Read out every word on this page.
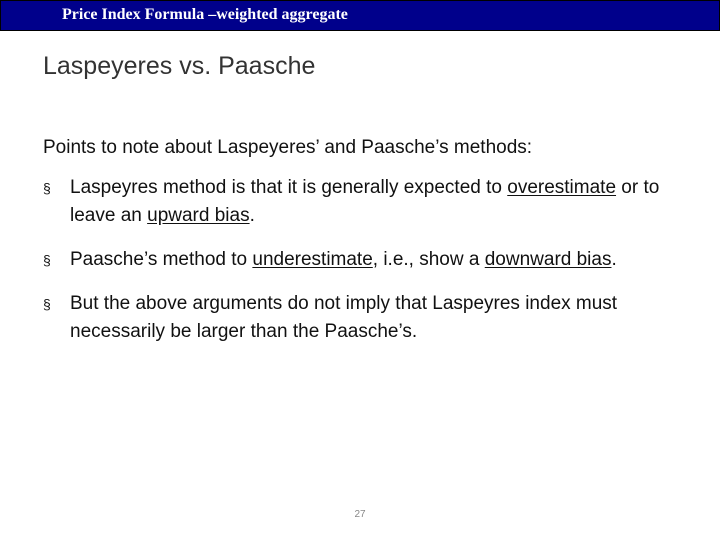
Price Index Formula –weighted aggregate
Laspeyeres vs. Paasche
Points to note about Laspeyeres’ and Paasche’s methods:
§ Laspeyres method is that it is generally expected to overestimate or to leave an upward bias.
§ Paasche’s method to underestimate, i.e., show a downward bias.
§ But the above arguments do not imply that Laspeyres index must necessarily be larger than the Paasche’s.
27
